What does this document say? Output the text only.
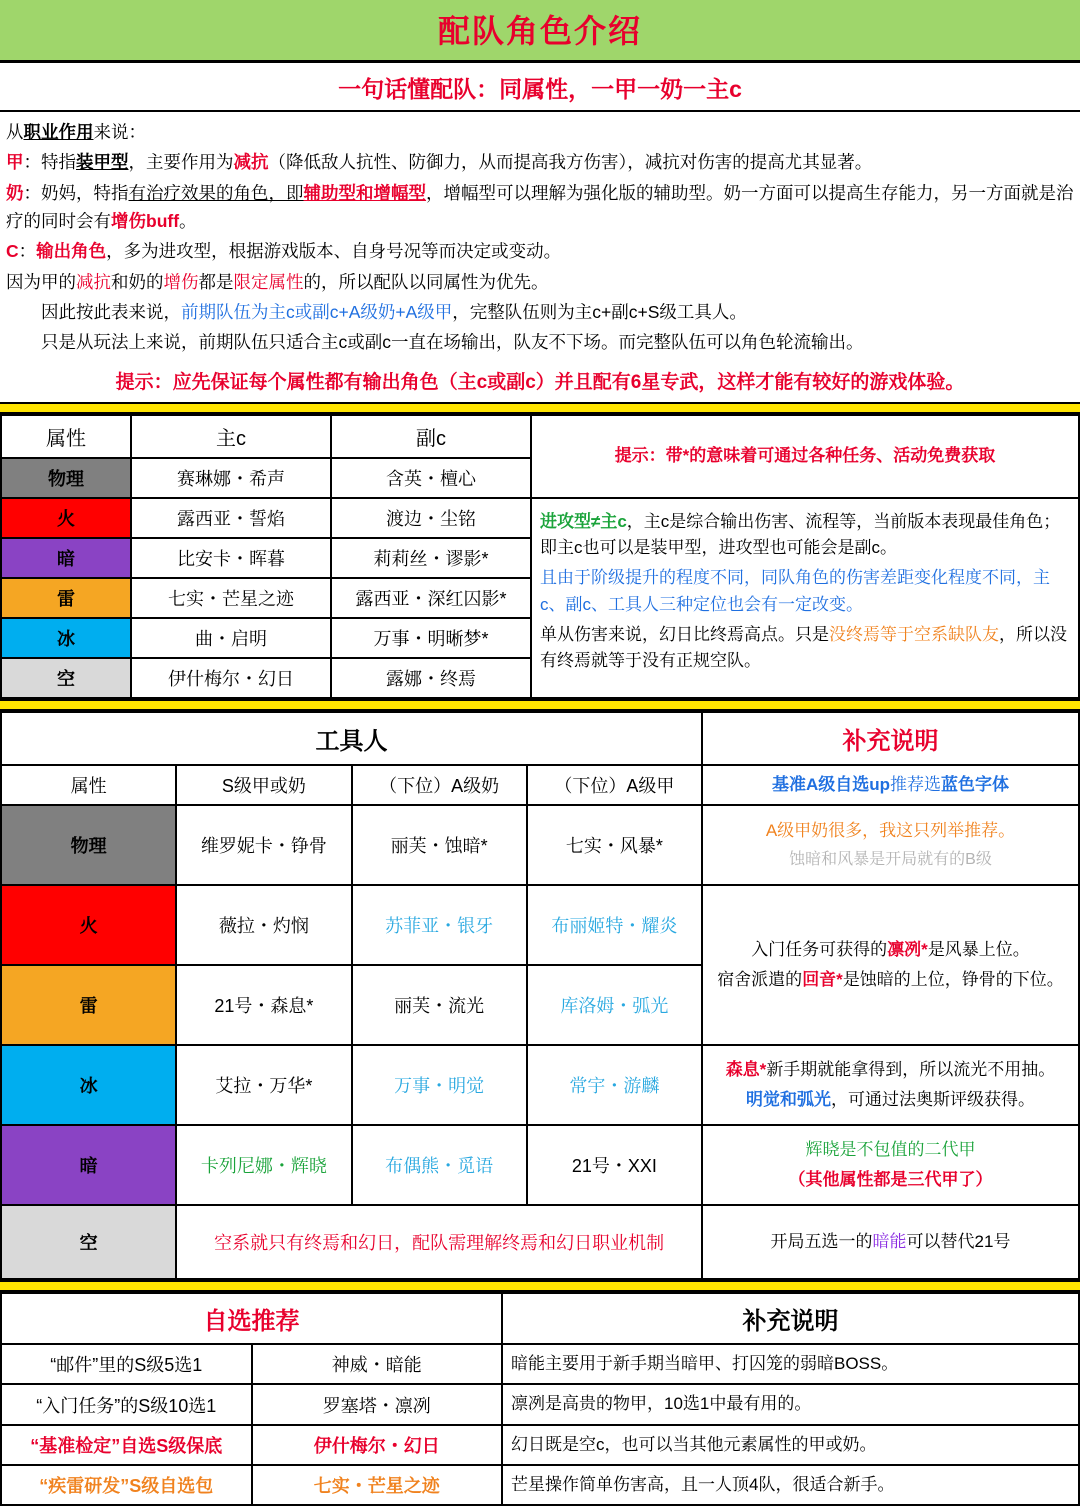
配队角色介绍
一句话懂配队：同属性，一甲一奶一主c

从职业作用来说：

甲：特指装甲型，主要作用为减抗（降低敌人抗性、防御力，从而提高我方伤害），减抗对伤害的提高尤其显著。

奶：奶妈，特指有治疗效果的角色，即辅助型和增幅型，增幅型可以理解为强化版的辅助型。奶一方面可以提高生存能力，另一方面就是治疗的同时会有增伤buff。

C：输出角色，多为进攻型，根据游戏版本、自身号况等而决定或变动。

因为甲的减抗和奶的增伤都是限定属性的，所以配队以同属性为优先。

因此按此表来说，前期队伍为主c或副c+A级奶+A级甲，完整队伍则为主c+副c+S级工具人。

只是从玩法上来说，前期队伍只适合主c或副c一直在场输出，队友不下场。而完整队伍可以角色轮流输出。

提示：应先保证每个属性都有输出角色（主c或副c）并且配有6星专武，这样才能有较好的游戏体验。
属性	主c	副c	提示：带*的意味着可通过各种任务、活动免费获取
物理	赛琳娜・希声	含英・檀心	
火	露西亚・誓焰	渡边・尘铭	进攻型≠主c，主c是综合输出伤害、流程等，当前版本表现最佳角色；即主c也可以是装甲型，进攻型也可能会是副c。

且由于阶级提升的程度不同，同队角色的伤害差距变化程度不同，主c、副c、工具人三种定位也会有一定改变。

单从伤害来说，幻日比终焉高点。只是没终焉等于空系缺队友，所以没有终焉就等于没有正规空队。

暗	比安卡・晖暮	莉莉丝・谬影*	
雷	七实・芒星之迹	露西亚・深红囚影*	
冰	曲・启明	万事・明晰梦*	
空	伊什梅尔・幻日	露娜・终焉	
工具人				补充说明
属性	S级甲或奶	（下位）A级奶	（下位）A级甲	基准A级自选up推荐选蓝色字体
物理	维罗妮卡・铮骨	丽芙・蚀暗*	七实・风暴*	A级甲奶很多，我这只列举推荐。

蚀暗和风暴是开局就有的B级

火	薇拉・灼悯	苏菲亚・银牙	布丽姬特・耀炎	入门任务可获得的凛冽*是风暴上位。

宿舍派遣的回音*是蚀暗的上位，铮骨的下位。

雷	21号・森息*	丽芙・流光	库洛姆・弧光	
冰	艾拉・万华*	万事・明觉	常宇・游麟	森息*新手期就能拿得到，所以流光不用抽。

明觉和弧光，可通过法奥斯评级获得。

暗	卡列尼娜・辉晓	布偶熊・觅语	21号・XXI	辉晓是不包值的二代甲

（其他属性都是三代甲了）

空	空系就只有终焉和幻日，配队需理解终焉和幻日职业机制			开局五选一的暗能可以替代21号
自选推荐		补充说明
“邮件”里的S级5选1	神威・暗能	暗能主要用于新手期当暗甲、打囚笼的弱暗BOSS。
“入门任务”的S级10选1	罗塞塔・凛冽	凛冽是高贵的物甲，10选1中最有用的。
“基准检定”自选S级保底	伊什梅尔・幻日	幻日既是空c，也可以当其他元素属性的甲或奶。
“疾雷研发”S级自选包	七实・芒星之迹	芒星操作简单伤害高，且一人顶4队，很适合新手。
